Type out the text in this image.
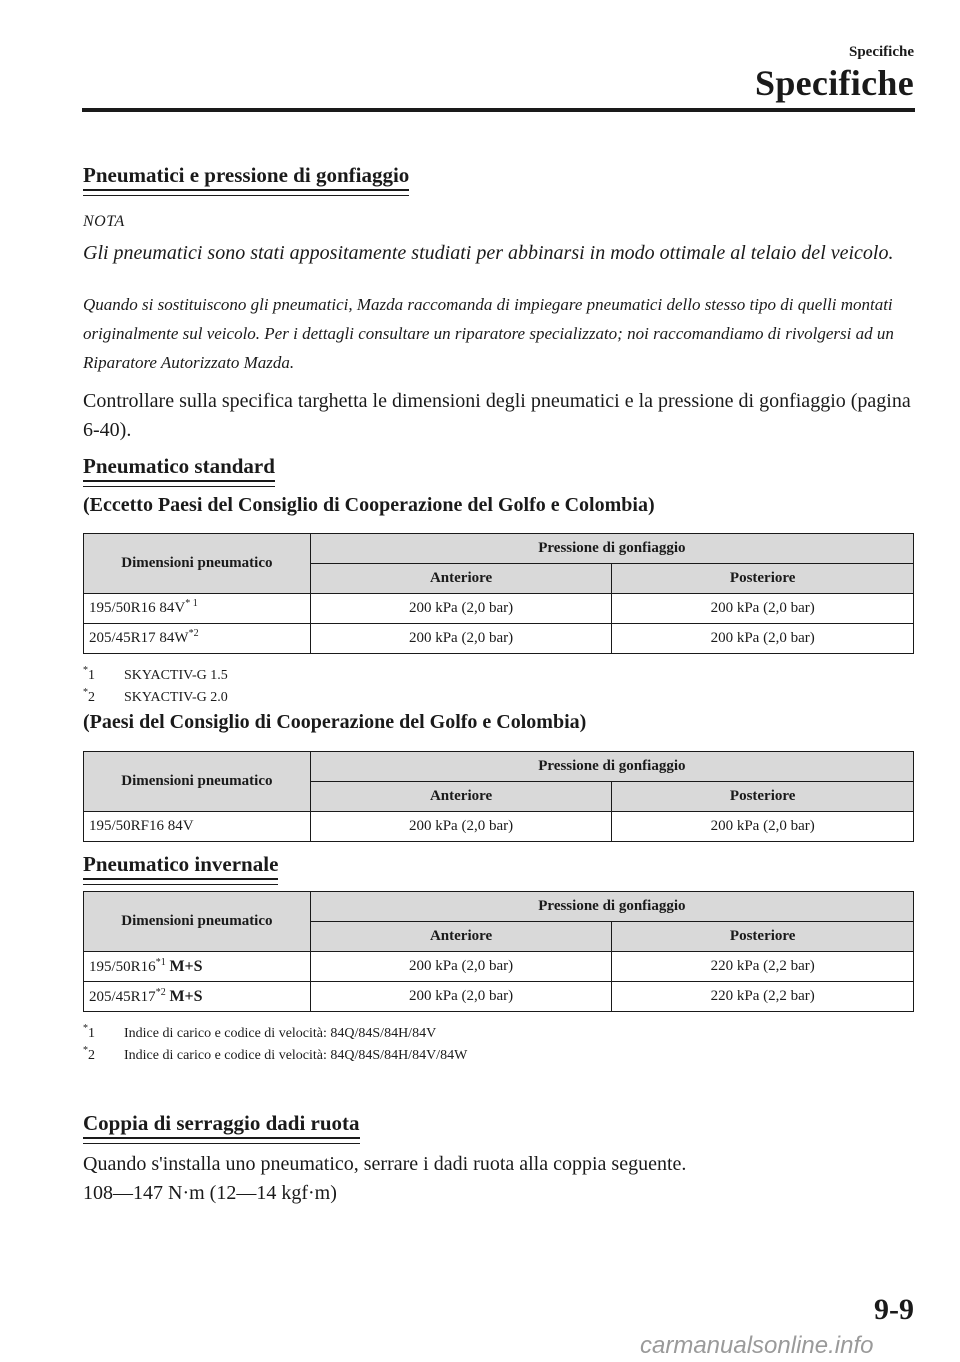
Specifiche
Specifiche
Pneumatici e pressione di gonfiaggio
NOTA
Gli pneumatici sono stati appositamente studiati per abbinarsi in modo ottimale al telaio del veicolo.
Quando si sostituiscono gli pneumatici, Mazda raccomanda di impiegare pneumatici dello stesso tipo di quelli montati originalmente sul veicolo. Per i dettagli consultare un riparatore specializzato; noi raccomandiamo di rivolgersi ad un Riparatore Autorizzato Mazda.
Controllare sulla specifica targhetta le dimensioni degli pneumatici e la pressione di gonfiaggio (pagina 6-40).
Pneumatico standard
(Eccetto Paesi del Consiglio di Cooperazione del Golfo e Colombia)
Dimensioni pneumatico	Pressione di gonfiaggio	
	Anteriore	Posteriore
195/50R16 $84V^{* 1}$	200 kPa (2,0 bar)	200 kPa (2,0 bar)
205/45R17 $84W^{*2}$	200 kPa (2,0 bar)	200 kPa (2,0 bar)
*1 SKYACTIV-G 1.5
*2 SKYACTIV-G 2.0
(Paesi del Consiglio di Cooperazione del Golfo e Colombia)
Dimensioni pneumatico	Pressione di gonfiaggio	
	Anteriore	Posteriore
195/50RF16 84V	200 kPa (2,0 bar)	200 kPa (2,0 bar)
Pneumatico invernale
Dimensioni pneumatico	Pressione di gonfiaggio	
	Anteriore	Posteriore
195/50R16$^{*1}$ M+S	200 kPa (2,0 bar)	220 kPa (2,2 bar)
205/45R17$^{*2}$ M+S	200 kPa (2,0 bar)	220 kPa (2,2 bar)
*1 Indice di carico e codice di velocità: 84Q/84S/84H/84V
*2 Indice di carico e codice di velocità: 84Q/84S/84H/84V/84W
Coppia di serraggio dadi ruota
Quando s'installa uno pneumatico, serrare i dadi ruota alla coppia seguente.
108—147 N·m (12—14 kgf·m)
9-9
carmanualsonline.info
